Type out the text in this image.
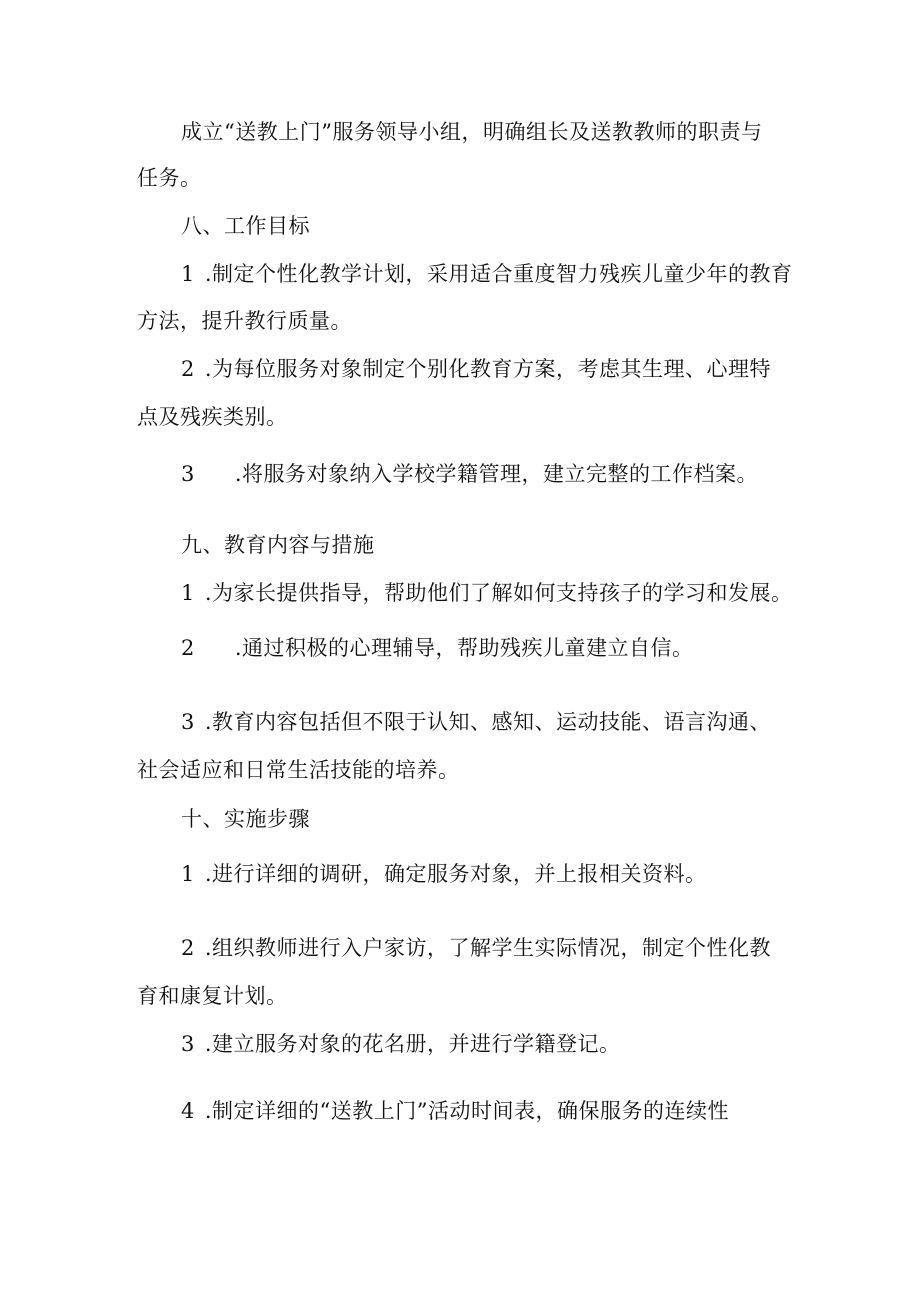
成立“送教上门”服务领导小组，明确组长及送教教师的职责与
任务。
八、工作目标
1 .制定个性化教学计划，采用适合重度智力残疾儿童少年的教育
方法，提升教行质量。
2 .为每位服务对象制定个别化教育方案，考虑其生理、心理特
点及残疾类别。
3 .将服务对象纳入学校学籍管理，建立完整的工作档案。
九、教育内容与措施
1 .为家长提供指导，帮助他们了解如何支持孩子的学习和发展。
2 .通过积极的心理辅导，帮助残疾儿童建立自信。
3 .教育内容包括但不限于认知、感知、运动技能、语言沟通、
社会适应和日常生活技能的培养。
十、实施步骤
1 .进行详细的调研，确定服务对象，并上报相关资料。
2 .组织教师进行入户家访，了解学生实际情况，制定个性化教
育和康复计划。
3 .建立服务对象的花名册，并进行学籍登记。
4 .制定详细的“送教上门”活动时间表，确保服务的连续性
